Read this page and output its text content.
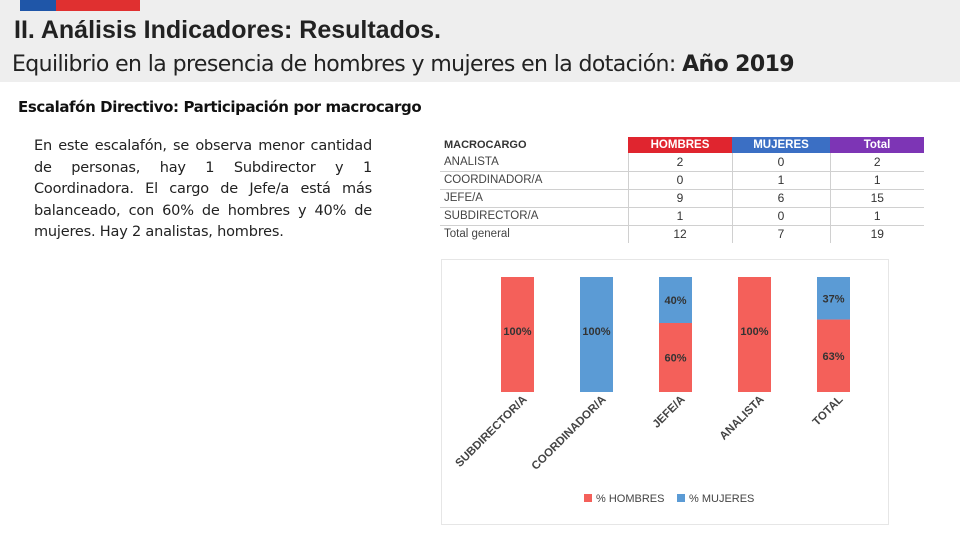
II. Análisis Indicadores: Resultados.
Equilibrio en la presencia de hombres y mujeres en la dotación: Año 2019
Escalafón Directivo: Participación por macrocargo
En este escalafón, se observa menor cantidad de personas, hay 1 Subdirector y 1 Coordinadora. El cargo de Jefe/a está más balanceado, con 60% de hombres y 40% de mujeres. Hay 2 analistas, hombres.
MACROCARGO	HOMBRES	MUJERES	Total
ANALISTA	2	0	2
COORDINADOR/A	0	1	1
JEFE/A	9	6	15
SUBDIRECTOR/A	1	0	1
Total general	12	7	19
100%
SUBDIRECTOR/A
100%
COORDINADOR/A
40%
60%
JEFE/A
100%
ANALISTA
37%
63%
TOTAL
% HOMBRES % MUJERES
